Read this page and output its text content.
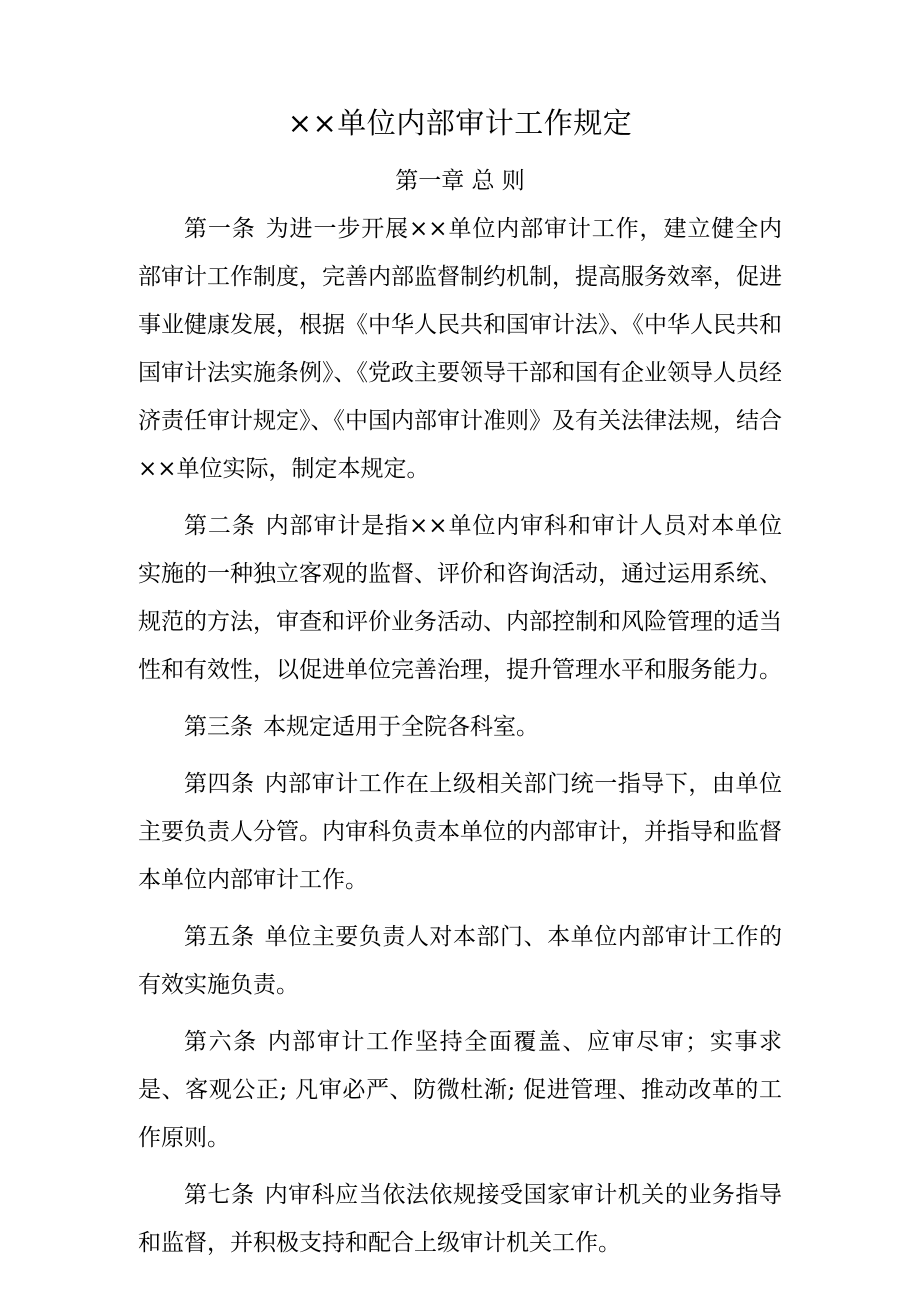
××单位内部审计工作规定
第一章 总 则

第一条 为进一步开展××单位内部审计工作，建立健全内部审计工作制度，完善内部监督制约机制，提高服务效率，促进事业健康发展，根据《中华人民共和国审计法》、《中华人民共和国审计法实施条例》、《党政主要领导干部和国有企业领导人员经济责任审计规定》、《中国内部审计准则》及有关法律法规，结合××单位实际，制定本规定。

第二条 内部审计是指××单位内审科和审计人员对本单位实施的一种独立客观的监督、评价和咨询活动，通过运用系统、规范的方法，审查和评价业务活动、内部控制和风险管理的适当性和有效性，以促进单位完善治理，提升管理水平和服务能力。

第三条 本规定适用于全院各科室。

第四条 内部审计工作在上级相关部门统一指导下，由单位主要负责人分管。内审科负责本单位的内部审计，并指导和监督本单位内部审计工作。

第五条 单位主要负责人对本部门、本单位内部审计工作的有效实施负责。

第六条 内部审计工作坚持全面覆盖、应审尽审；实事求是、客观公正; 凡审必严、防微杜渐; 促进管理、推动改革的工作原则。

第七条 内审科应当依法依规接受国家审计机关的业务指导和监督，并积极支持和配合上级审计机关工作。
